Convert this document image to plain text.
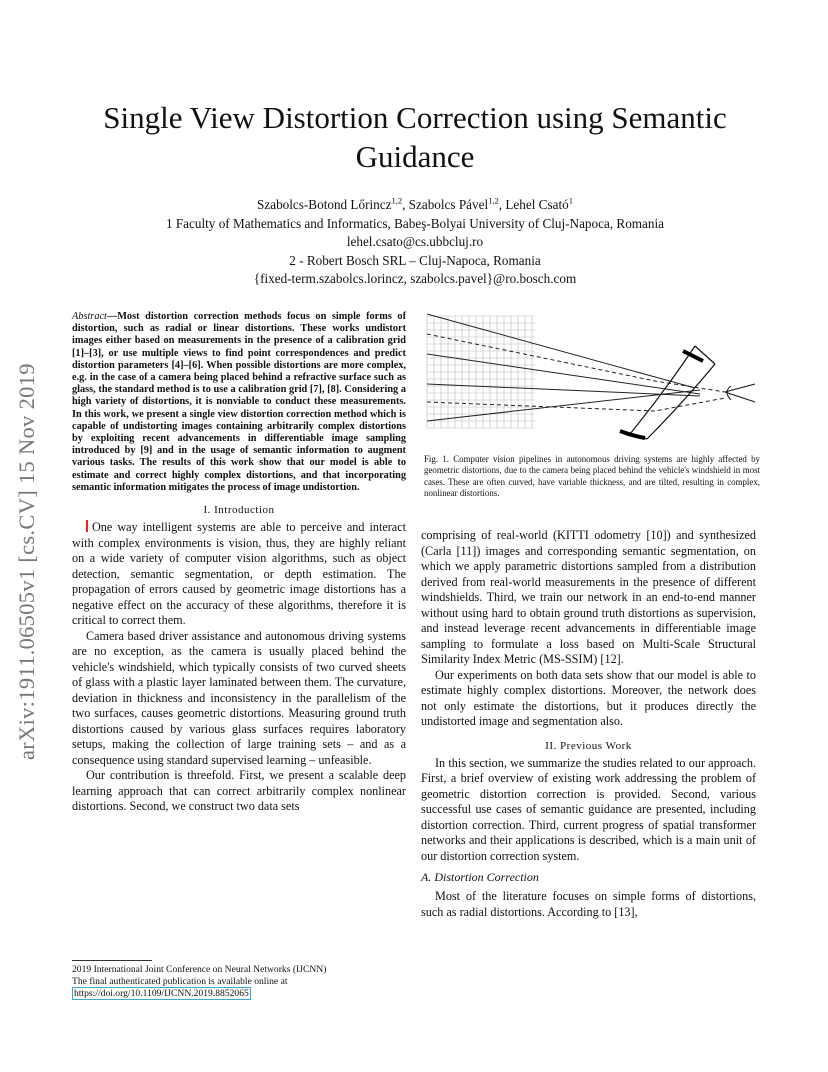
arXiv:1911.06505v1 [cs.CV] 15 Nov 2019
Single View Distortion Correction using Semantic Guidance
Szabolcs-Botond Lőrincz$^{1,2}$, Szabolcs Pável$^{1,2}$, Lehel Csató$^1$
1 Faculty of Mathematics and Informatics, Babeş-Bolyai University of Cluj-Napoca, Romania
lehel.csato@cs.ubbcluj.ro
2 - Robert Bosch SRL – Cluj-Napoca, Romania
{fixed-term.szabolcs.lorincz, szabolcs.pavel}@ro.bosch.com
Abstract—Most distortion correction methods focus on simple forms of distortion, such as radial or linear distortions. These works undistort images either based on measurements in the presence of a calibration grid [1]–[3], or use multiple views to find point correspondences and predict distortion parameters [4]–[6]. When possible distortions are more complex, e.g. in the case of a camera being placed behind a refractive surface such as glass, the standard method is to use a calibration grid [7], [8]. Considering a high variety of distortions, it is nonviable to conduct these measurements. In this work, we present a single view distortion correction method which is capable of undistorting images containing arbitrarily complex distortions by exploiting recent advancements in differentiable image sampling introduced by [9] and in the usage of semantic information to augment various tasks. The results of this work show that our model is able to estimate and correct highly complex distortions, and that incorporating semantic information mitigates the process of image undistortion.
I. Introduction

One way intelligent systems are able to perceive and interact with complex environments is vision, thus, they are highly reliant on a wide variety of computer vision algorithms, such as object detection, semantic segmentation, or depth estimation. The propagation of errors caused by geometric image distortions has a negative effect on the accuracy of these algorithms, therefore it is critical to correct them.

Camera based driver assistance and autonomous driving systems are no exception, as the camera is usually placed behind the vehicle's windshield, which typically consists of two curved sheets of glass with a plastic layer laminated between them. The curvature, deviation in thickness and inconsistency in the parallelism of the two surfaces, causes geometric distortions. Measuring ground truth distortions caused by various glass surfaces requires laboratory setups, making the collection of large training sets – and as a consequence using standard supervised learning – unfeasible.

Our contribution is threefold. First, we present a scalable deep learning approach that can correct arbitrarily complex nonlinear distortions. Second, we construct two data sets

Fig. 1. Computer vision pipelines in autonomous driving systems are highly affected by geometric distortions, due to the camera being placed behind the vehicle's windshield in most cases. These are often curved, have variable thickness, and are tilted, resulting in complex, nonlinear distortions.

comprising of real-world (KITTI odometry [10]) and synthesized (Carla [11]) images and corresponding semantic segmentation, on which we apply parametric distortions sampled from a distribution derived from real-world measurements in the presence of different windshields. Third, we train our network in an end-to-end manner without using hard to obtain ground truth distortions as supervision, and instead leverage recent advancements in differentiable image sampling to formulate a loss based on Multi-Scale Structural Similarity Index Metric (MS-SSIM) [12].

Our experiments on both data sets show that our model is able to estimate highly complex distortions. Moreover, the network does not only estimate the distortions, but it produces directly the undistorted image and segmentation also.

II. Previous Work

In this section, we summarize the studies related to our approach. First, a brief overview of existing work addressing the problem of geometric distortion correction is provided. Second, various successful use cases of semantic guidance are presented, including distortion correction. Third, current progress of spatial transformer networks and their applications is described, which is a main unit of our distortion correction system.

A. Distortion Correction

Most of the literature focuses on simple forms of distortions, such as radial distortions. According to [13],

2019 International Joint Conference on Neural Networks (IJCNN)
The final authenticated publication is available online at
https://doi.org/10.1109/IJCNN.2019.8852065
